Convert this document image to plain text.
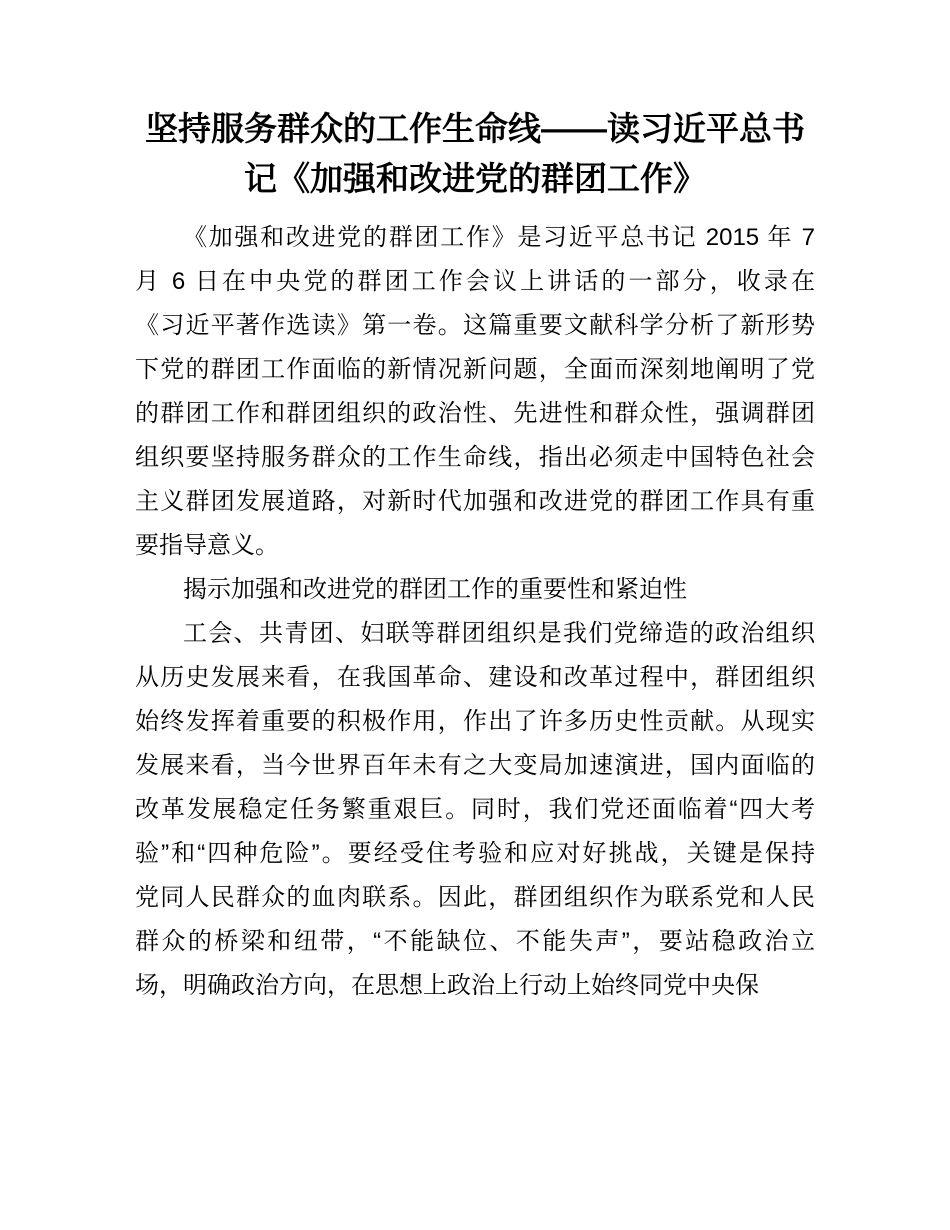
坚持服务群众的工作生命线——读习近平总书
记《加强和改进党的群团工作》
《加强和改进党的群团工作》是习近平总书记 2015 年 7
月 6 日在中央党的群团工作会议上讲话的一部分，收录在
《习近平著作选读》第一卷。这篇重要文献科学分析了新形势
下党的群团工作面临的新情况新问题，全面而深刻地阐明了党
的群团工作和群团组织的政治性、先进性和群众性，强调群团
组织要坚持服务群众的工作生命线，指出必须走中国特色社会
主义群团发展道路，对新时代加强和改进党的群团工作具有重
要指导意义。
揭示加强和改进党的群团工作的重要性和紧迫性
工会、共青团、妇联等群团组织是我们党缔造的政治组织
从历史发展来看，在我国革命、建设和改革过程中，群团组织
始终发挥着重要的积极作用，作出了许多历史性贡献。从现实
发展来看，当今世界百年未有之大变局加速演进，国内面临的
改革发展稳定任务繁重艰巨。同时，我们党还面临着“四大考
验”和“四种危险”。要经受住考验和应对好挑战，关键是保持
党同人民群众的血肉联系。因此，群团组织作为联系党和人民
群众的桥梁和纽带，“不能缺位、不能失声”，要站稳政治立
场，明确政治方向，在思想上政治上行动上始终同党中央保
